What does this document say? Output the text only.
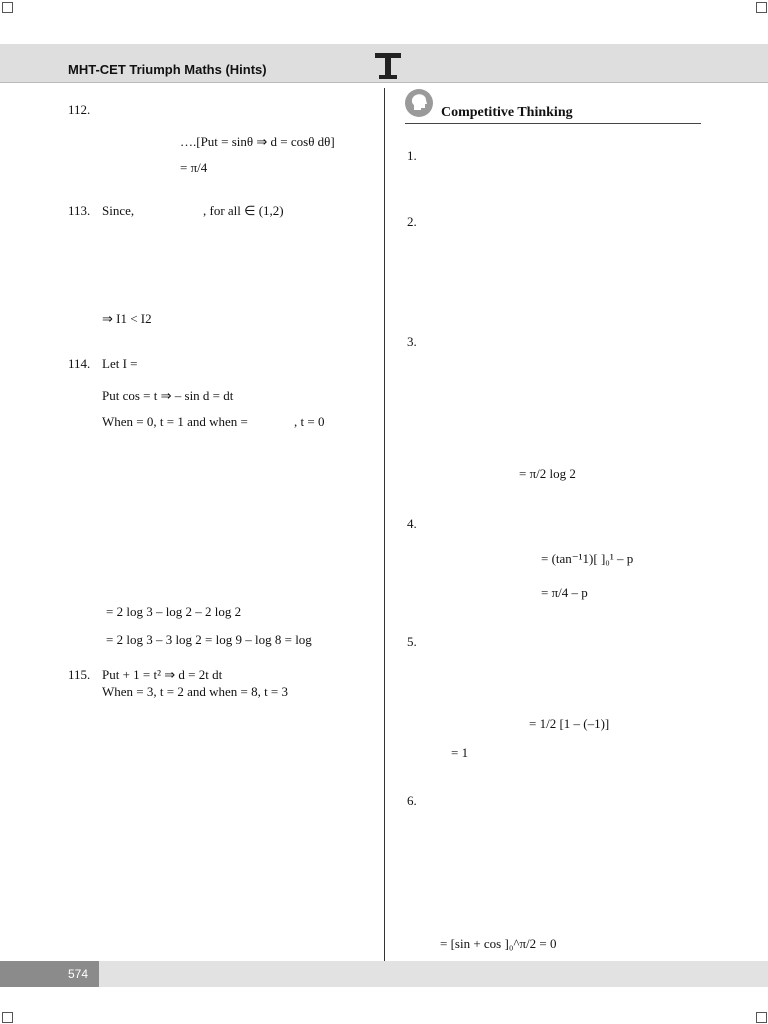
MHT-CET Triumph Maths (Hints)
112.
….[Put = sinθ ⇒ d = cosθ dθ]
= π/4
113. Since,	, for all ∈ (1,2)
⇒ I1 < I2
114. Let I =
Put cos = t ⇒ – sin d = dt
When = 0, t = 1 and when =	, t = 0
= 2 log 3 – log 2 – 2 log 2
= 2 log 3 – 3 log 2 = log 9 – log 8 = log
115. Put + 1 = t² ⇒ d = 2t dt
When = 3, t = 2 and when = 8, t = 3
Competitive Thinking
1.
2.
3.
= π/2 log 2
4.
= (tan⁻¹1)[ ]₀¹ – p
= π/4 – p
5.
= 1/2 [1 – (–1)]
= 1
6.
= [sin + cos ]₀^π/2 = 0
574
